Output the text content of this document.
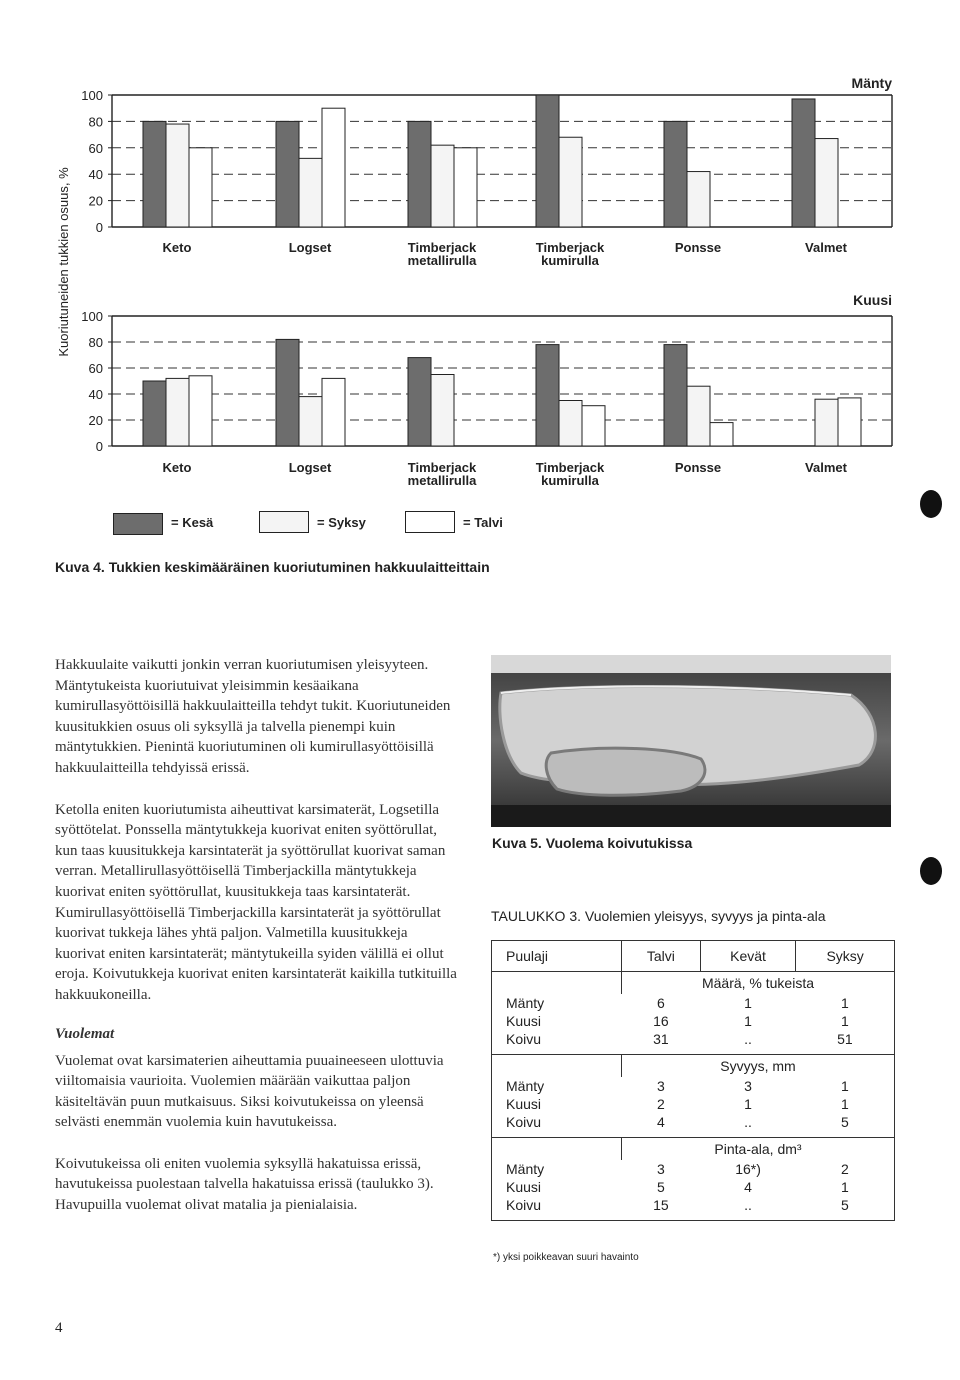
0
20
40
60
80
100
Mänty
Keto	Logset	Timberjack
metallirulla
Timberjack
kumirulla
Ponsse	Valmet
0
20
40
60
80
100
Kuusi
Keto	Logset	Timberjack
metallirulla
Timberjack
kumirulla
Ponsse	Valmet
Kuoriutuneiden tukkien osuus, %
= Kesä	= Syksy	= Talvi
Kuva 4. Tukkien keskimääräinen kuoriutuminen hakkuulaitteittain

Hakkuulaite vaikutti jonkin verran kuoriutumisen yleisyyteen. Mäntytukeista kuoriutuivat yleisimmin kesäaikana kumirullasyöttöisillä hakkuulaitteilla tehdyt tukit. Kuoriutuneiden kuusitukkien osuus oli syksyllä ja talvella pienempi kuin mäntytukkien. Pienintä kuoriutuminen oli kumirullasyöttöisillä hakkuulaitteilla tehdyissä erissä.

Ketolla eniten kuoriutumista aiheuttivat karsimaterät, Logsetilla syöttötelat. Ponssella mäntytukkeja kuorivat eniten syöttörullat, kun taas kuusitukkeja karsintaterät ja syöttörullat kuorivat saman verran. Metallirullasyöttöisellä Timberjackilla mäntytukkeja kuorivat eniten syöttörullat, kuusitukkeja taas karsintaterät. Kumirullasyöttöisellä Timberjackilla karsintaterät ja syöttörullat kuorivat tukkeja lähes yhtä paljon. Valmetilla kuusitukkeja kuorivat eniten karsintaterät; mäntytukeilla syiden välillä ei ollut eroja. Koivutukkeja kuorivat eniten karsintaterät kaikilla tutkituilla hakkuukoneilla.

Vuolemat

Vuolemat ovat karsimaterien aiheuttamia puuaineeseen ulottuvia viiltomaisia vaurioita. Vuolemien määrään vaikuttaa paljon käsiteltävän puun mutkaisuus. Siksi koivutukeissa on yleensä selvästi enemmän vuolemia kuin havutukeissa.

Koivutukeissa oli eniten vuolemia syksyllä hakatuissa erissä, havutukeissa puolestaan talvella hakatuissa erissä (taulukko 3). Havupuilla vuolemat olivat matalia ja pienialaisia.

Kuva 5. Vuolema koivutukissa
TAULUKKO 3. Vuolemien yleisyys, syvyys ja pinta-ala
Puulaji	Talvi	Kevät	Syksy
	Määrä, % tukeista		
Mänty	6	1	1
Kuusi	16	1	1
Koivu	31	..	51

	Syvyys, mm		
Mänty	3	3	1
Kuusi	2	1	1
Koivu	4	..	5

	Pinta-ala, dm³		
Mänty	3	16*)	2
Kuusi	5	4	1
Koivu	15	..	5

*) yksi poikkeavan suuri havainto
4
